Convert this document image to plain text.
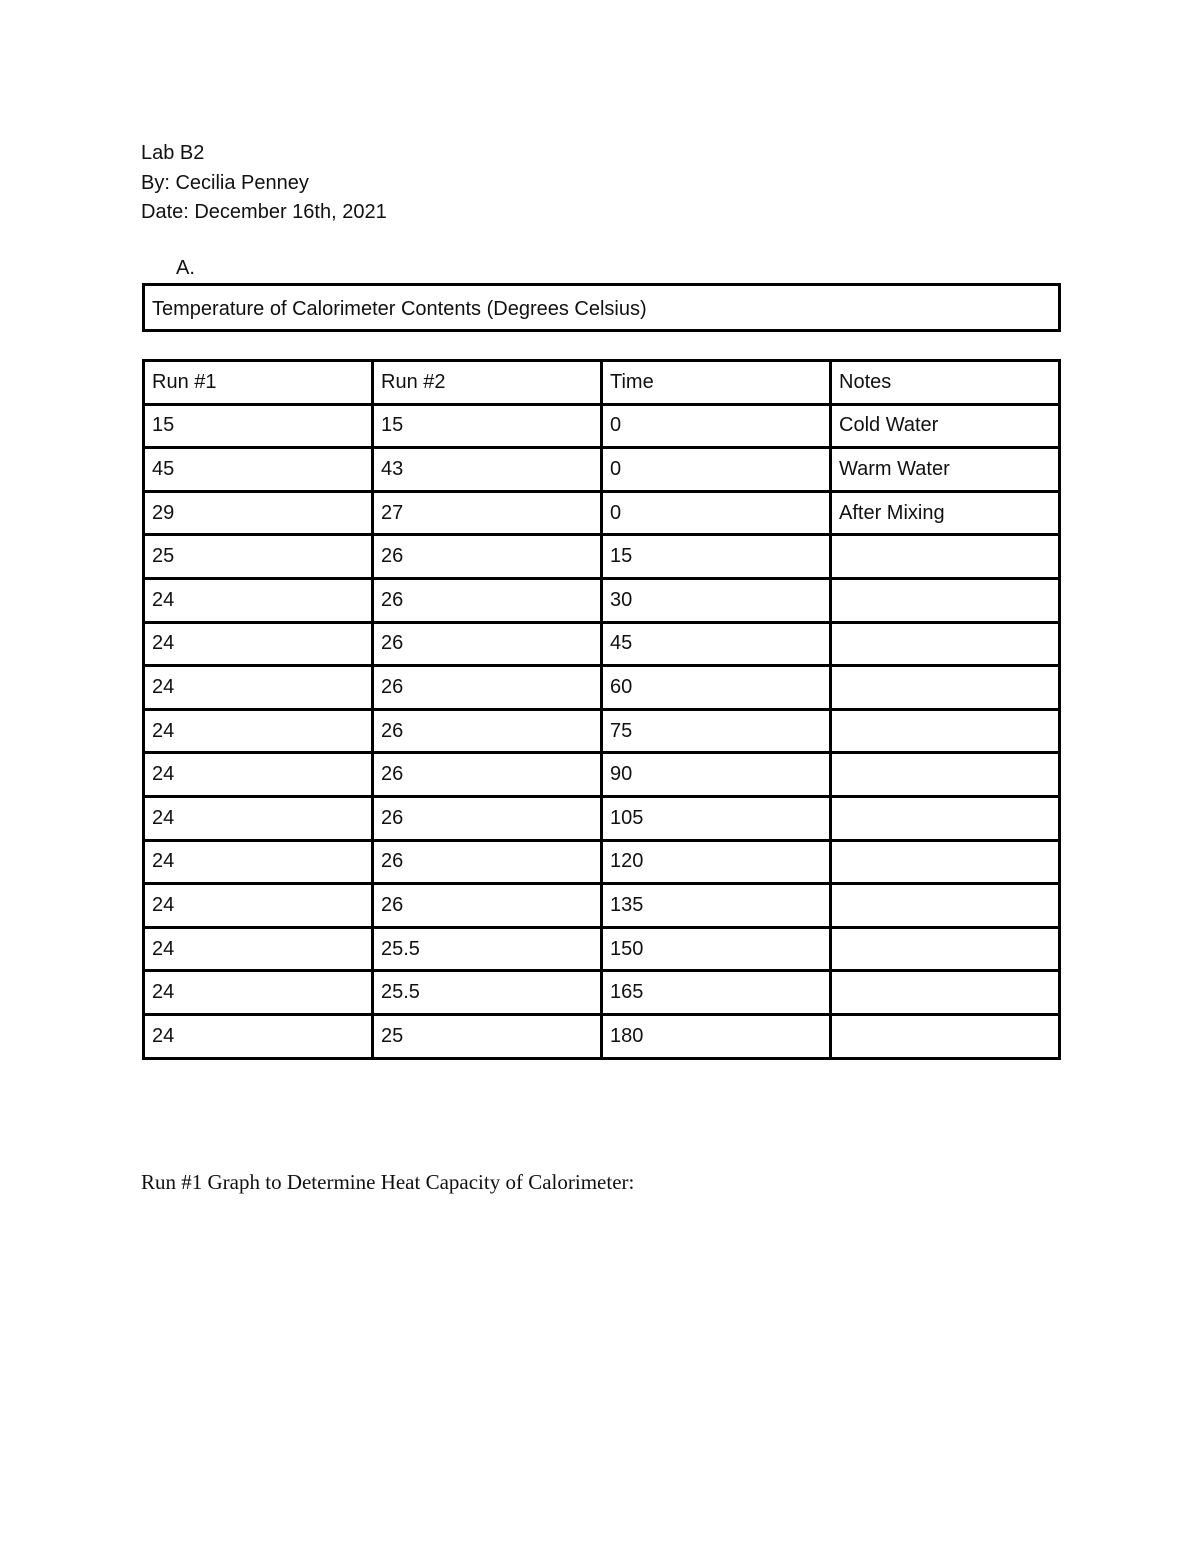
Lab B2
By: Cecilia Penney
Date: December 16th, 2021
A.
Temperature of Calorimeter Contents (Degrees Celsius)
Run #1	Run #2	Time	Notes
15	15	0	Cold Water
45	43	0	Warm Water
29	27	0	After Mixing
25	26	15	
24	26	30	
24	26	45	
24	26	60	
24	26	75	
24	26	90	
24	26	105	
24	26	120	
24	26	135	
24	25.5	150	
24	25.5	165	
24	25	180	
Run #1 Graph to Determine Heat Capacity of Calorimeter:
